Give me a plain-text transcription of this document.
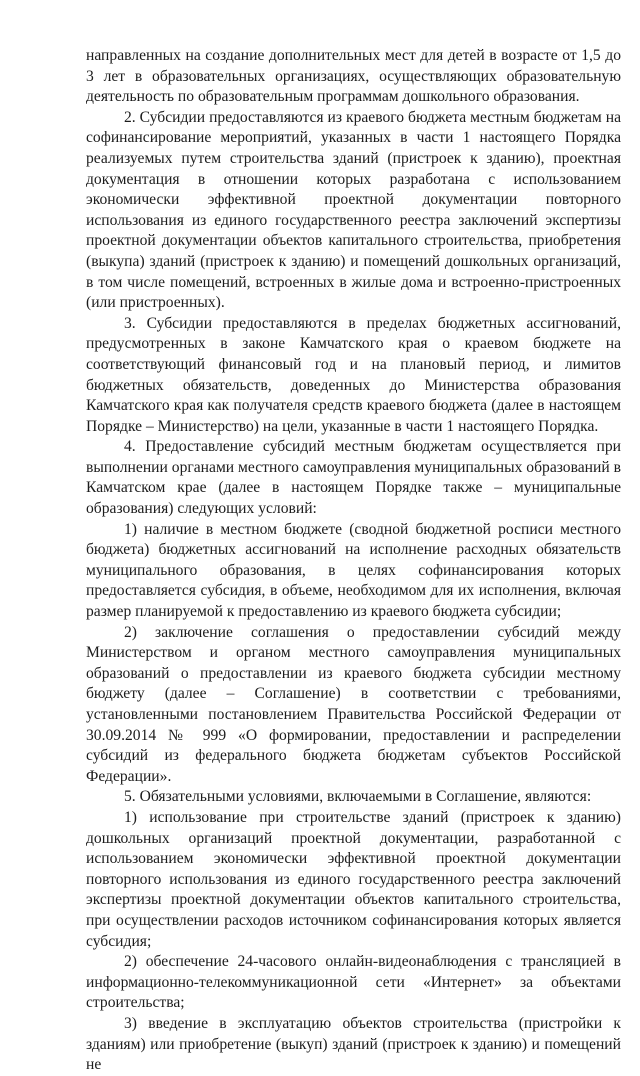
направленных на создание дополнительных мест для детей в возрасте от 1,5 до 3 лет в образовательных организациях, осуществляющих образовательную деятельность по образовательным программам дошкольного образования.

2. Субсидии предоставляются из краевого бюджета местным бюджетам на софинансирование мероприятий, указанных в части 1 настоящего Порядка реализуемых путем строительства зданий (пристроек к зданию), проектная документация в отношении которых разработана с использованием экономически эффективной проектной документации повторного использования из единого государственного реестра заключений экспертизы проектной документации объектов капитального строительства, приобретения (выкупа) зданий (пристроек к зданию) и помещений дошкольных организаций, в том числе помещений, встроенных в жилые дома и встроенно-пристроенных (или пристроенных).

3. Субсидии предоставляются в пределах бюджетных ассигнований, предусмотренных в законе Камчатского края о краевом бюджете на соответствующий финансовый год и на плановый период, и лимитов бюджетных обязательств, доведенных до Министерства образования Камчатского края как получателя средств краевого бюджета (далее в настоящем Порядке – Министерство) на цели, указанные в части 1 настоящего Порядка.

4. Предоставление субсидий местным бюджетам осуществляется при выполнении органами местного самоуправления муниципальных образований в Камчатском крае (далее в настоящем Порядке также – муниципальные образования) следующих условий:

1) наличие в местном бюджете (сводной бюджетной росписи местного бюджета) бюджетных ассигнований на исполнение расходных обязательств муниципального образования, в целях софинансирования которых предоставляется субсидия, в объеме, необходимом для их исполнения, включая размер планируемой к предоставлению из краевого бюджета субсидии;

2) заключение соглашения о предоставлении субсидий между Министерством и органом местного самоуправления муниципальных образований о предоставлении из краевого бюджета субсидии местному бюджету (далее – Соглашение) в соответствии с требованиями, установленными постановлением Правительства Российской Федерации от 30.09.2014 № 999 «О формировании, предоставлении и распределении субсидий из федерального бюджета бюджетам субъектов Российской Федерации».

5. Обязательными условиями, включаемыми в Соглашение, являются:

1) использование при строительстве зданий (пристроек к зданию) дошкольных организаций проектной документации, разработанной с использованием экономически эффективной проектной документации повторного использования из единого государственного реестра заключений экспертизы проектной документации объектов капитального строительства, при осуществлении расходов источником софинансирования которых является субсидия;

2) обеспечение 24-часового онлайн-видеонаблюдения с трансляцией в информационно-телекоммуникационной сети «Интернет» за объектами строительства;

3) введение в эксплуатацию объектов строительства (пристройки к зданиям) или приобретение (выкуп) зданий (пристроек к зданию) и помещений не
